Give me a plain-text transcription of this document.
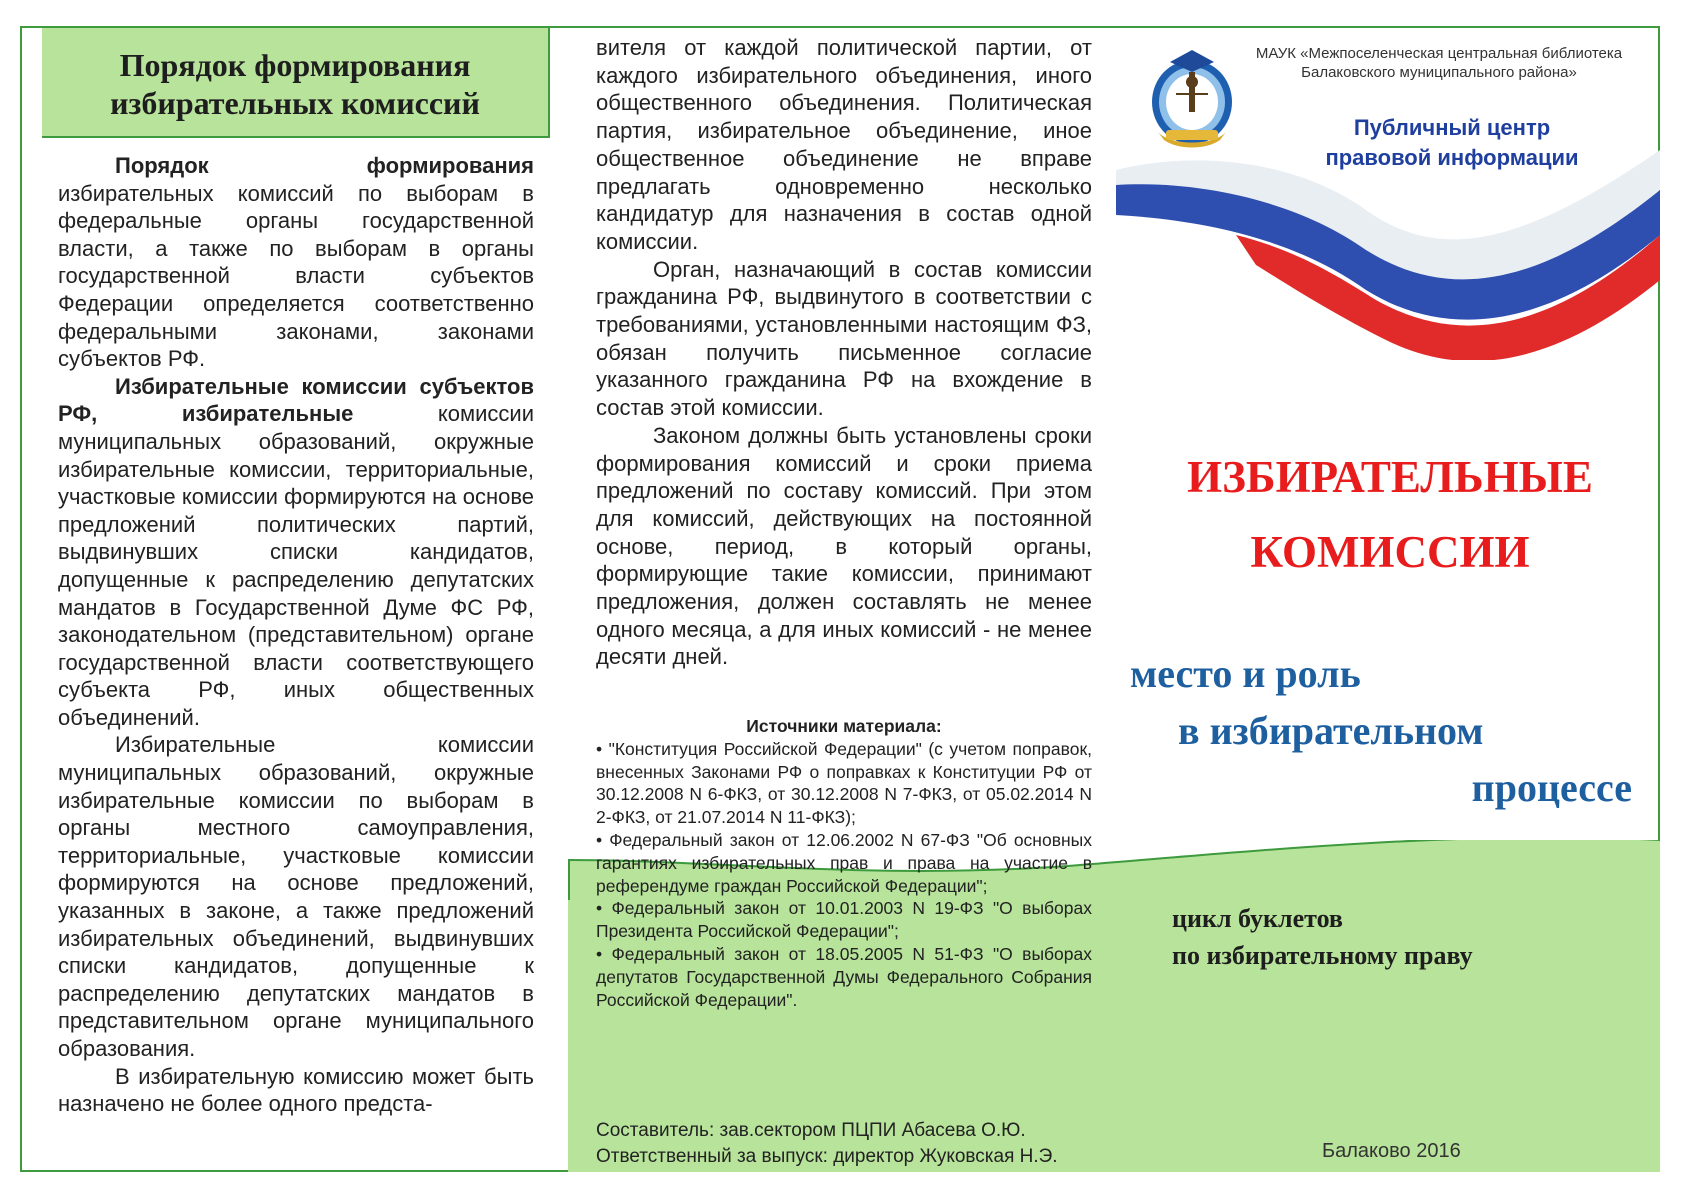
Порядок формирования избирательных комиссий

Порядок формирования избирательных комиссий по выборам в федеральные органы государственной власти, а также по выборам в органы государственной власти субъектов Федерации определяется соответственно федеральными законами, законами субъектов РФ.

Избирательные комиссии субъектов РФ, избирательные комиссии муниципальных образований, окружные избирательные комиссии, территориальные, участковые комиссии формируются на основе предложений политических партий, выдвинувших списки кандидатов, допущенные к распределению депутатских мандатов в Государственной Думе ФС РФ, законодательном (представительном) органе государственной власти соответствующего субъекта РФ, иных общественных объединений.

Избирательные комиссии муниципальных образований, окружные избирательные комиссии по выборам в органы местного самоуправления, территориальные, участковые комиссии формируются на основе предложений, указанных в законе, а также предложений избирательных объединений, выдвинувших списки кандидатов, допущенные к распределению депутатских мандатов в представительном органе муниципального образования.

В избирательную комиссию может быть назначено не более одного предста-

вителя от каждой политической партии, от каждого избирательного объединения, иного общественного объединения. Политическая партия, избирательное объединение, иное общественное объединение не вправе предлагать одновременно несколько кандидатур для назначения в состав одной комиссии.

Орган, назначающий в состав комиссии гражданина РФ, выдвинутого в соответствии с требованиями, установленными настоящим ФЗ, обязан получить письменное согласие указанного гражданина РФ на вхождение в состав этой комиссии.

Законом должны быть установлены сроки формирования комиссий и сроки приема предложений по составу комиссий. При этом для комиссий, действующих на постоянной основе, период, в который органы, формирующие такие комиссии, принимают предложения, должен составлять не менее одного месяца, а для иных комиссий - не менее десяти дней.

Источники материала:

• "Конституция Российской Федерации" (с учетом поправок, внесенных Законами РФ о поправках к Конституции РФ от 30.12.2008 N 6-ФКЗ, от 30.12.2008 N 7-ФКЗ, от 05.02.2014 N 2-ФКЗ, от 21.07.2014 N 11-ФКЗ);

• Федеральный закон от 12.06.2002 N 67-ФЗ "Об основных гарантиях избирательных прав и права на участие в референдуме граждан Российской Федерации";

• Федеральный закон от 10.01.2003 N 19-ФЗ "О выборах Президента Российской Федерации";

• Федеральный закон от 18.05.2005 N 51-ФЗ "О выборах депутатов Государственной Думы Федерального Собрания Российской Федерации".

Составитель: зав.сектором ПЦПИ Абасева О.Ю.
Ответственный за выпуск: директор Жуковская Н.Э.
МАУК «Межпоселенческая центральная библиотека
Балаковского муниципального района»
Публичный центр
правовой информации
ИЗБИРАТЕЛЬНЫЕ
КОМИССИИ
место и роль
в избирательном
процессе
цикл буклетов
по избирательному праву
Балаково 2016
